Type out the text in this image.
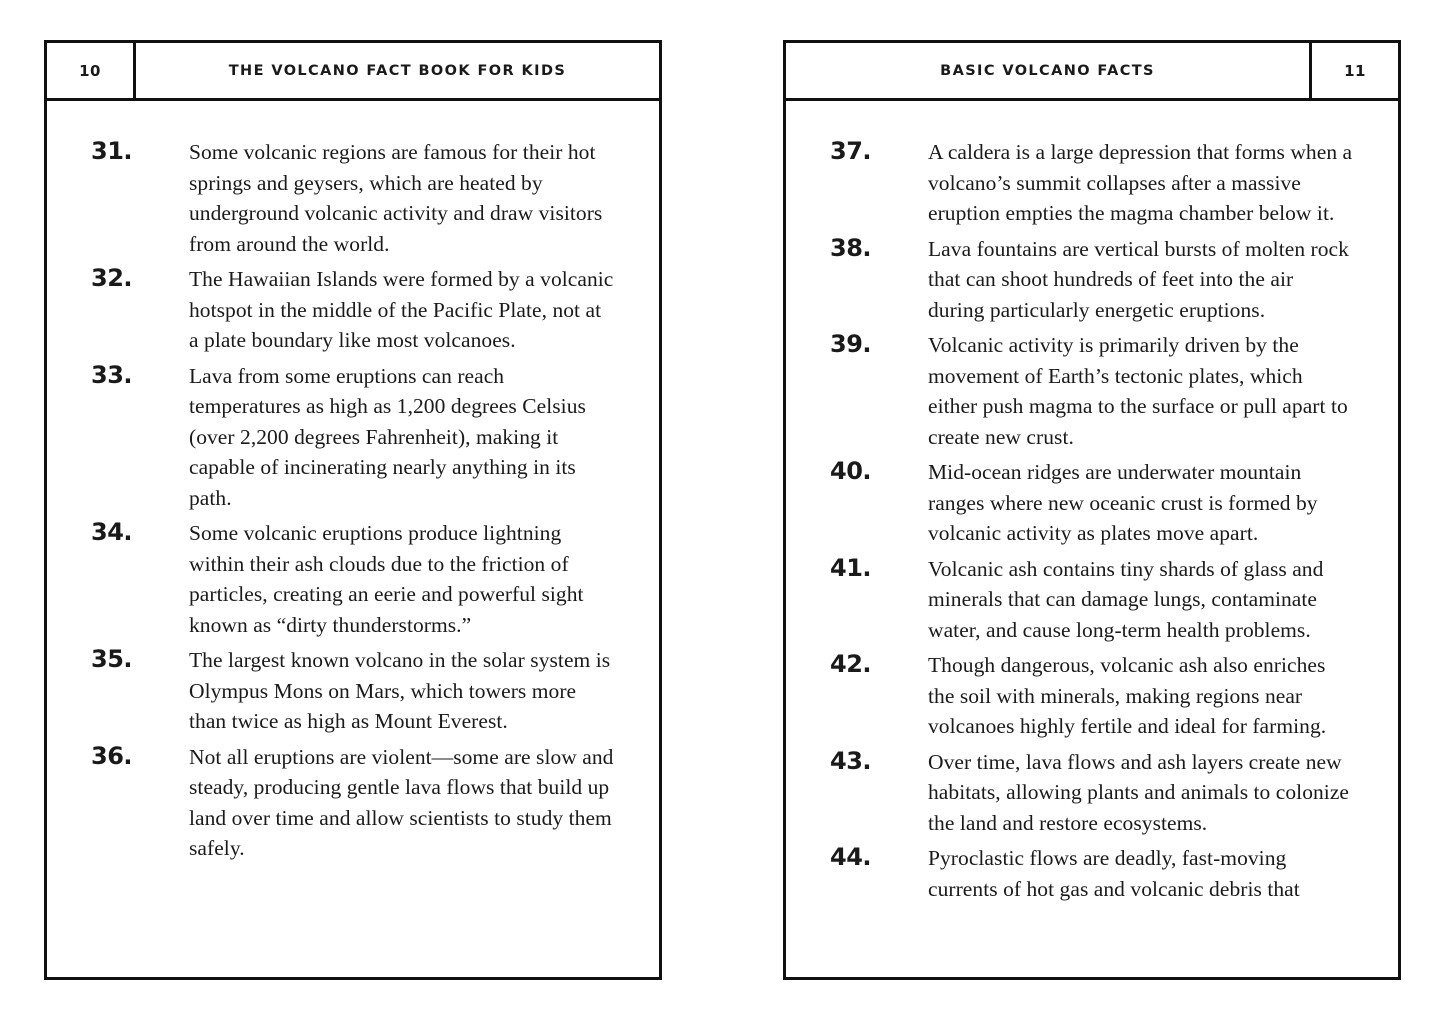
10	THE VOLCANO FACT BOOK FOR KIDS
31.	Some volcanic regions are famous for their hot springs and geysers, which are heated by underground volcanic activity and draw visitors from around the world.
32.	The Hawaiian Islands were formed by a volcanic hotspot in the middle of the Pacific Plate, not at a plate boundary like most volcanoes.
33.	Lava from some eruptions can reach temperatures as high as 1,200 degrees Celsius (over 2,200 degrees Fahrenheit), making it capable of incinerating nearly anything in its path.
34.	Some volcanic eruptions produce lightning within their ash clouds due to the friction of particles, creating an eerie and powerful sight known as “dirty thunderstorms.”
35.	The largest known volcano in the solar system is Olympus Mons on Mars, which towers more than twice as high as Mount Everest.
36.	Not all eruptions are violent—some are slow and steady, producing gentle lava flows that build up land over time and allow scientists to study them safely.
BASIC VOLCANO FACTS	11
37.	A caldera is a large depression that forms when a volcano’s summit collapses after a massive eruption empties the magma chamber below it.
38.	Lava fountains are vertical bursts of molten rock that can shoot hundreds of feet into the air during particularly energetic eruptions.
39.	Volcanic activity is primarily driven by the movement of Earth’s tectonic plates, which either push magma to the surface or pull apart to create new crust.
40.	Mid-ocean ridges are underwater mountain ranges where new oceanic crust is formed by volcanic activity as plates move apart.
41.	Volcanic ash contains tiny shards of glass and minerals that can damage lungs, contaminate water, and cause long-term health problems.
42.	Though dangerous, volcanic ash also enriches the soil with minerals, making regions near volcanoes highly fertile and ideal for farming.
43.	Over time, lava flows and ash layers create new habitats, allowing plants and animals to colonize the land and restore ecosystems.
44.	Pyroclastic flows are deadly, fast-moving currents of hot gas and volcanic debris that
